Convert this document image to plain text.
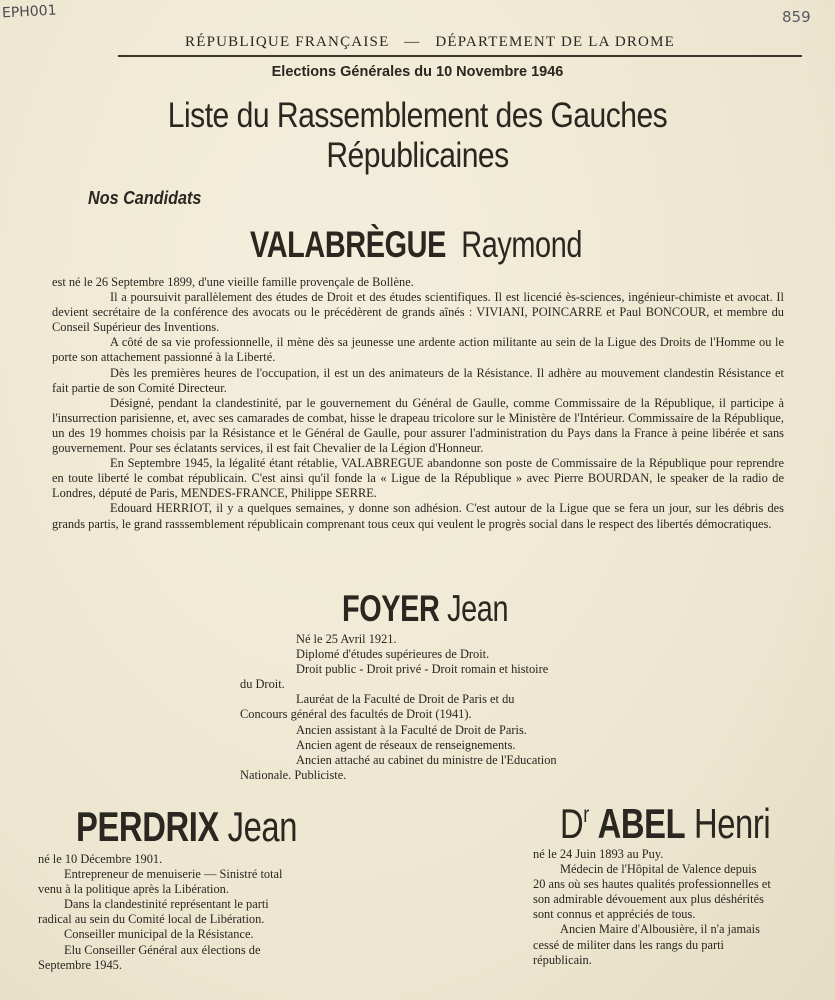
EPH001	859
RÉPUBLIQUE FRANÇAISE — DÉPARTEMENT DE LA DROME
Elections Générales du 10 Novembre 1946
Liste du Rassemblement des Gauches Républicaines
Nos Candidats
VALABRÈGUE Raymond

est né le 26 Septembre 1899, d'une vieille famille provençale de Bollène.

Il a poursuivit parallèlement des études de Droit et des études scientifiques. Il est licencié ès-sciences, ingénieur-chimiste et avocat. Il devient secrétaire de la conférence des avocats ou le précédèrent de grands aînés : VIVIANI, POINCARRE et Paul BONCOUR, et membre du Conseil Supérieur des Inventions.

A côté de sa vie professionnelle, il mène dès sa jeunesse une ardente action militante au sein de la Ligue des Droits de l'Homme ou le porte son attachement passionné à la Liberté.

Dès les premières heures de l'occupation, il est un des animateurs de la Résistance. Il adhère au mouvement clandestin Résistance et fait partie de son Comité Directeur.

Désigné, pendant la clandestinité, par le gouvernement du Général de Gaulle, comme Commissaire de la République, il participe à l'insurrection parisienne, et, avec ses camarades de combat, hisse le drapeau tricolore sur le Ministère de l'Intérieur. Commissaire de la République, un des 19 hommes choisis par la Résistance et le Général de Gaulle, pour assurer l'administration du Pays dans la France à peine libérée et sans gouvernement. Pour ses éclatants services, il est fait Chevalier de la Légion d'Honneur.

En Septembre 1945, la légalité étant rétablie, VALABREGUE abandonne son poste de Commissaire de la République pour reprendre en toute liberté le combat républicain. C'est ainsi qu'il fonde la « Ligue de la République » avec Pierre BOURDAN, le speaker de la radio de Londres, député de Paris, MENDES-FRANCE, Philippe SERRE.

Edouard HERRIOT, il y a quelques semaines, y donne son adhésion. C'est autour de la Ligue que se fera un jour, sur les débris des grands partis, le grand rasssemblement républicain comprenant tous ceux qui veulent le progrès social dans le respect des libertés démocratiques.

FOYER Jean
Né le 25 Avril 1921.
Diplomé d'études supérieures de Droit.
Droit public - Droit privé - Droit romain et histoire
du Droit.
Lauréat de la Faculté de Droit de Paris et du
Concours général des facultés de Droit (1941).
Ancien assistant à la Faculté de Droit de Paris.
Ancien agent de réseaux de renseignements.
Ancien attaché au cabinet du ministre de l'Education
Nationale. Publiciste.
PERDRIX Jean
né le 10 Décembre 1901.
Entrepreneur de menuiserie — Sinistré total
venu à la politique après la Libération.
Dans la clandestinité représentant le parti
radical au sein du Comité local de Libération.
Conseiller municipal de la Résistance.
Elu Conseiller Général aux élections de
Septembre 1945.
$D^r$ ABEL Henri
né le 24 Juin 1893 au Puy.
Médecin de l'Hôpital de Valence depuis
20 ans où ses hautes qualités professionnelles et
son admirable dévouement aux plus déshérités
sont connus et appréciés de tous.
Ancien Maire d'Albousière, il n'a jamais
cessé de militer dans les rangs du parti
républicain.
